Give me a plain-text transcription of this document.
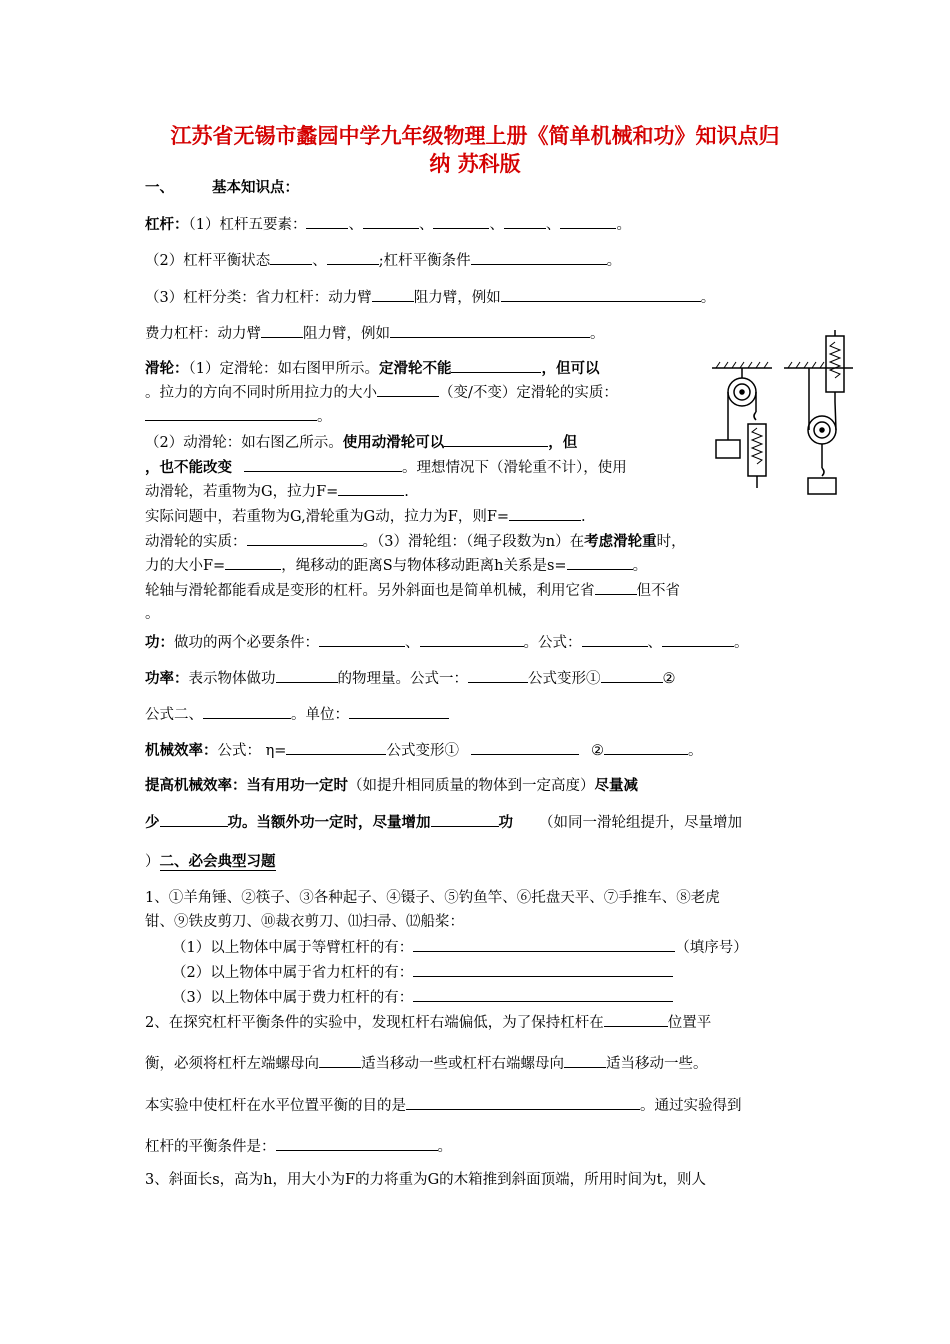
江苏省无锡市蠡园中学九年级物理上册《简单机械和功》知识点归
纳 苏科版
一、	基本知识点：
杠杆：（1）杠杆五要素：	、	、	、	、	。
（2）杠杆平衡状态	、	;杠杆平衡条件	。
（3）杠杆分类：省力杠杆：动力臂	阻力臂，例如	。
费力杠杆：动力臂	阻力臂，例如	。
滑轮：（1）定滑轮：如右图甲所示。定滑轮不能	，但可以
。拉力的方向不同时所用拉力的大小	（变/不变）定滑轮的实质：
。
（2）动滑轮：如右图乙所示。使用动滑轮可以	，但
，也不能改变	。理想情况下（滑轮重不计），使用
动滑轮，若重物为G，拉力F=	.
实际问题中，若重物为G,滑轮重为G动，拉力为F，则F=	.
动滑轮的实质：	。（3）滑轮组：（绳子段数为n）在考虑滑轮重时，
力的大小F=	，绳移动的距离S与物体移动距离h关系是s=	。
轮轴与滑轮都能看成是变形的杠杆。另外斜面也是简单机械，利用它省	但不省
。
功：做功的两个必要条件：	、	。公式：	、	。
功率：表示物体做功	的物理量。公式一：	公式变形①	②
公式二、	。单位：
机械效率：公式： η=	公式变形①	②	。
提高机械效率：当有用功一定时（如提升相同质量的物体到一定高度）尽量减
少	功。当额外功一定时，尽量增加	功 （如同一滑轮组提升，尽量增加
）二、必会典型习题
1、①羊角锤、②筷子、③各种起子、④镊子、⑤钓鱼竿、⑥托盘天平、⑦手推车、⑧老虎
钳、⑨铁皮剪刀、⑩裁衣剪刀、⑾扫帚、⑿船桨：
（1）以上物体中属于等臂杠杆的有：	（填序号）
（2）以上物体中属于省力杠杆的有：
（3）以上物体中属于费力杠杆的有：
2、在探究杠杆平衡条件的实验中，发现杠杆右端偏低，为了保持杠杆在	位置平
衡，必须将杠杆左端螺母向	适当移动一些或杠杆右端螺母向	适当移动一些。
本实验中使杠杆在水平位置平衡的目的是	。通过实验得到
杠杆的平衡条件是：	。
3、斜面长s，高为h，用大小为F的力将重为G的木箱推到斜面顶端，所用时间为t，则人
